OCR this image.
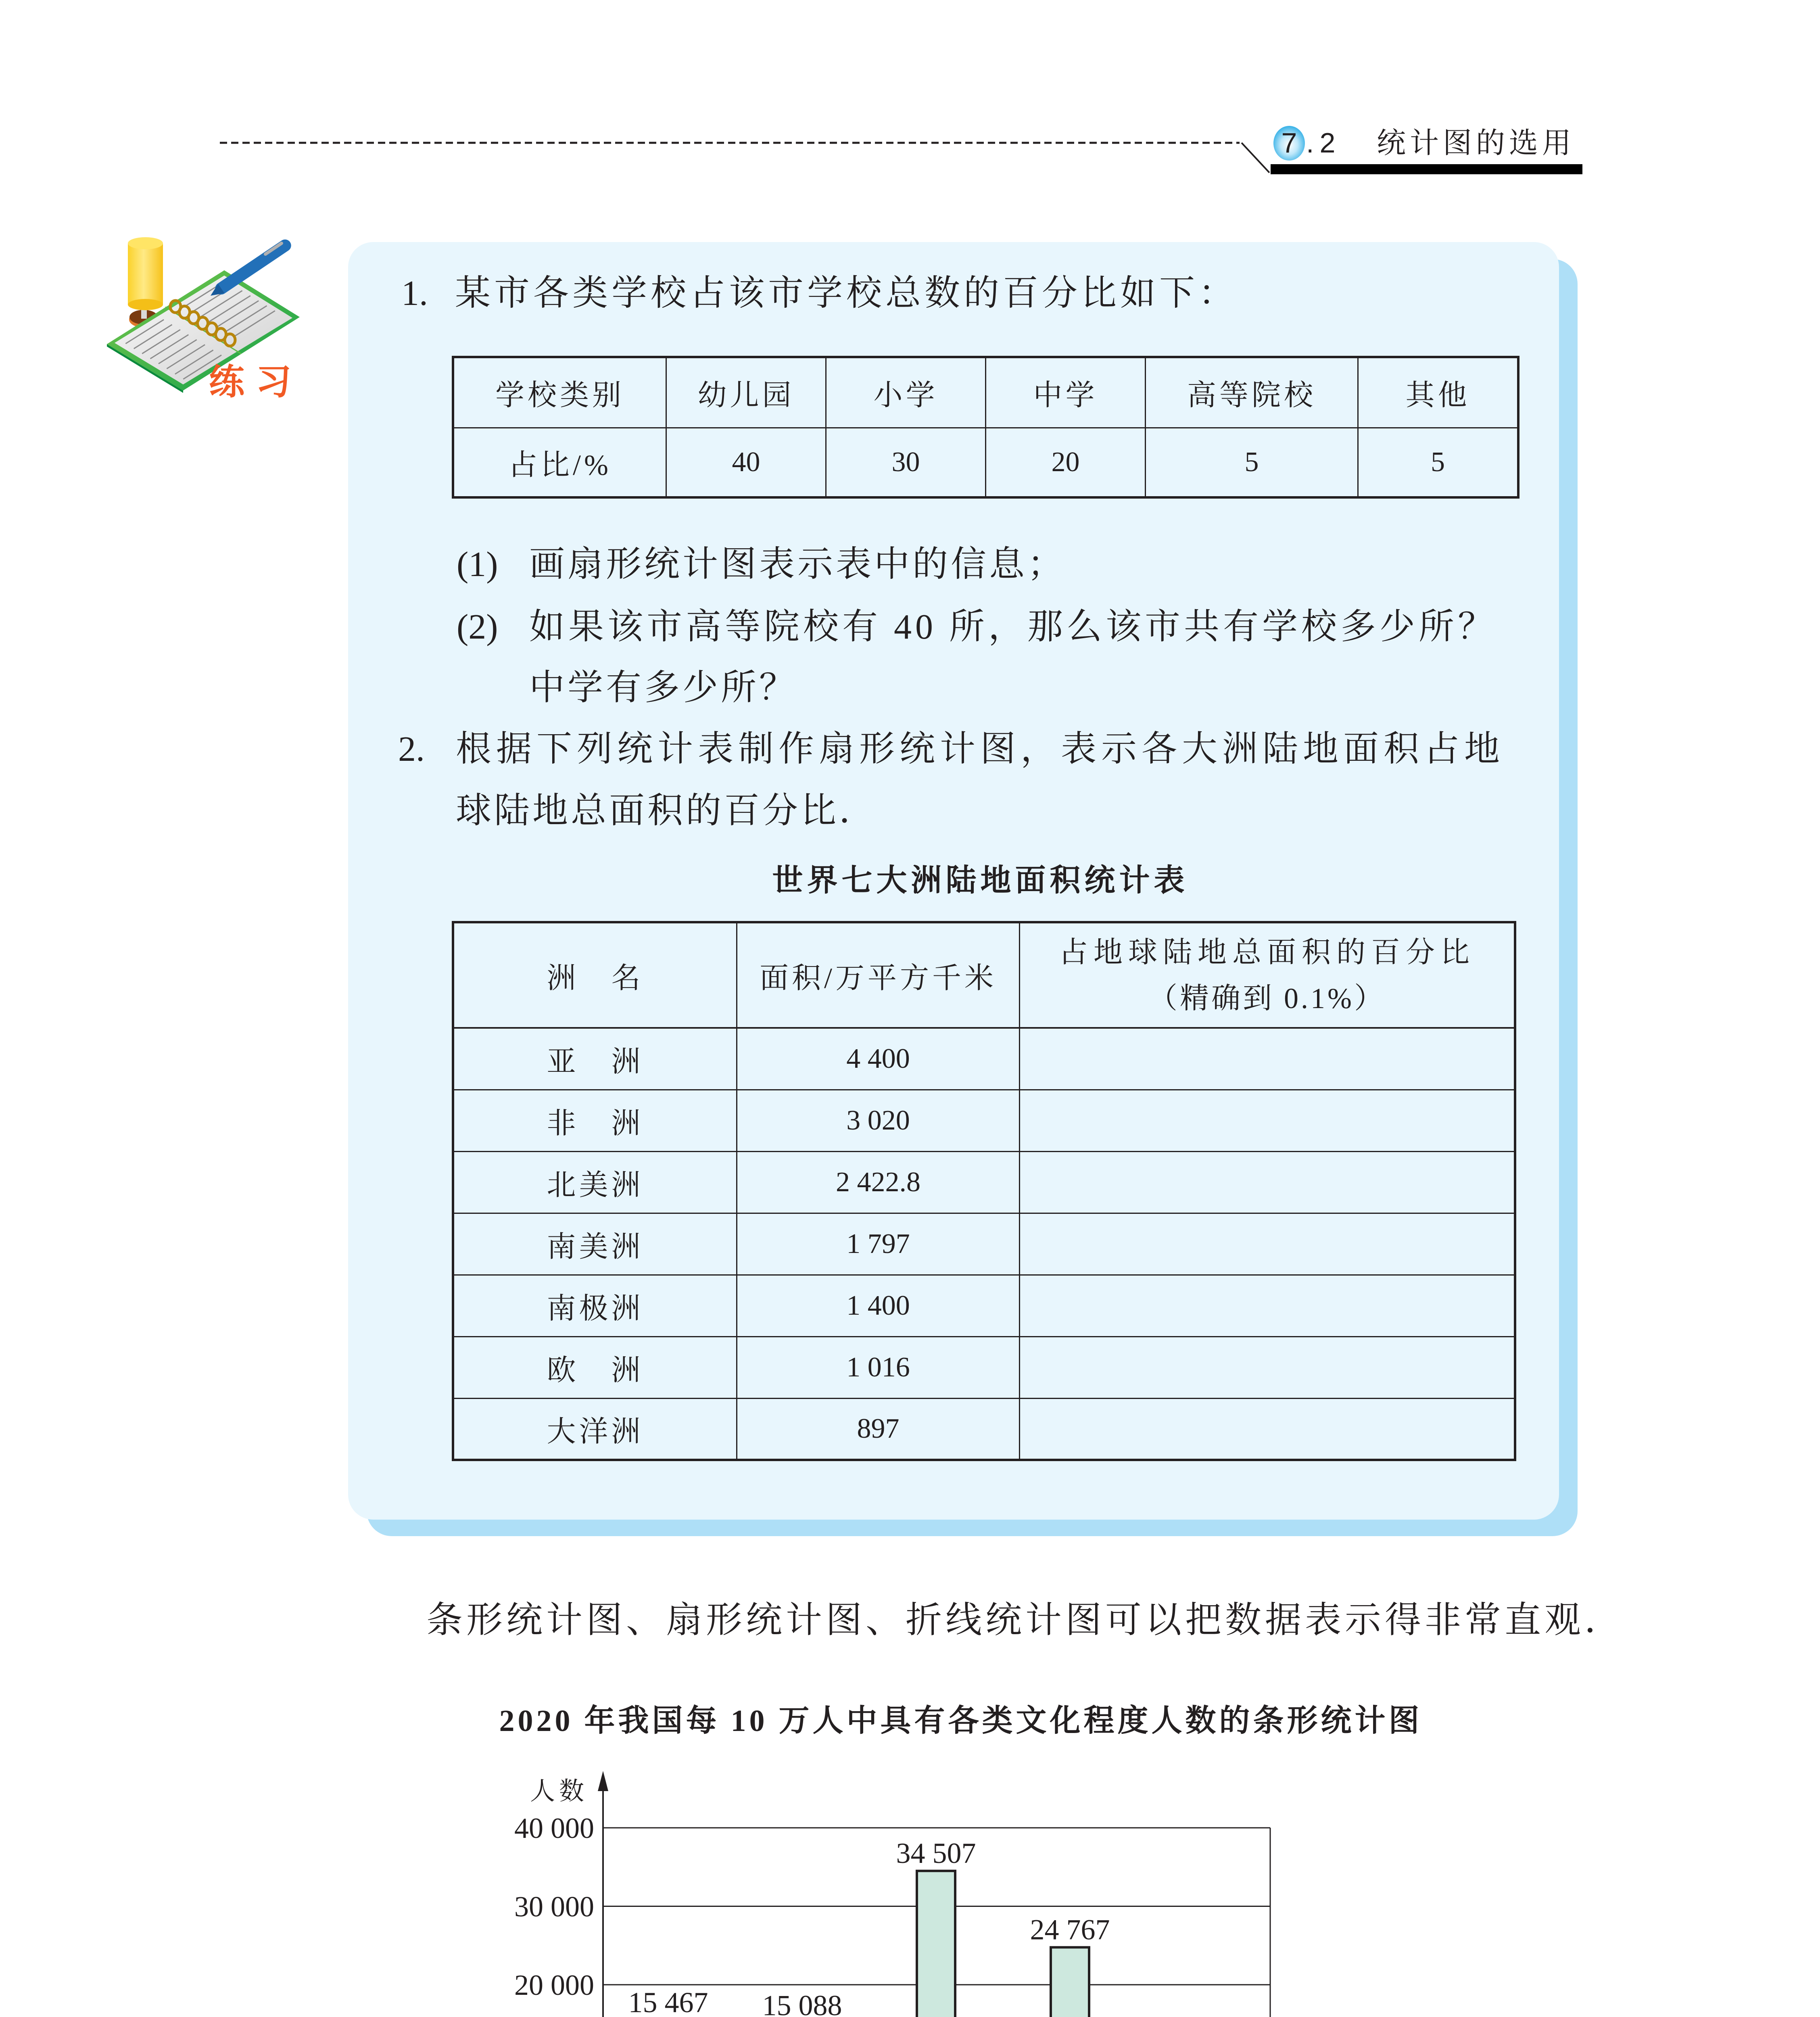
7 .2 统计图的选用
练习
1. 某市各类学校占该市学校总数的百分比如下：
学校类别	幼儿园	小学	中学	高等院校	其他
占比/%	40	30	20	5	5
(1) 画扇形统计图表示表中的信息；
(2) 如果该市高等院校有 40 所，那么该市共有学校多少所？
中学有多少所？
2. 根据下列统计表制作扇形统计图，表示各大洲陆地面积占地
球陆地总面积的百分比．
世界七大洲陆地面积统计表
洲　名	面积/万平方千米	占地球陆地总面积的百分比
（精确到 0.1%）

亚　洲	4 400	
非　洲	3 020	
北美洲	2 422.8	
南美洲	1 797	
南极洲	1 400	
欧　洲	1 016	
大洋洲	897	
条形统计图、扇形统计图、折线统计图可以把数据表示得非常直观．
2020 年我国每 10 万人中具有各类文化程度人数的条形统计图
20 000
30 000
40 000
15 467 15 088
34 507
24 767
人数
